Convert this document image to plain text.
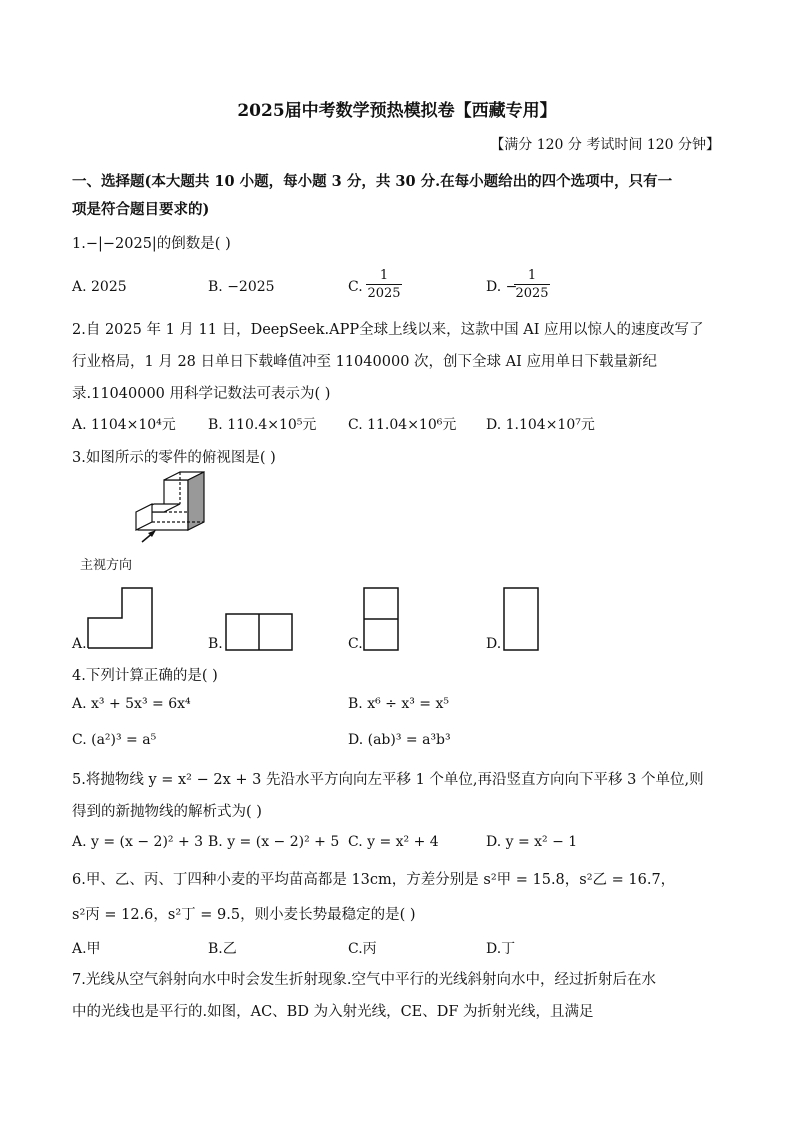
2025届中考数学预热模拟卷【西藏专用】
【满分 120 分 考试时间 120 分钟】
一、选择题(本大题共 10 小题，每小题 3 分，共 30 分.在每小题给出的四个选项中，只有一
项是符合题目要求的)
1.−|−2025|的倒数是( )
A. 2025	B. −2025	C.
1
2025	D. −
1
2025
2.自 2025 年 1 月 11 日，DeepSeek.APP全球上线以来，这款中国 AI 应用以惊人的速度改写了
行业格局，1 月 28 日单日下载峰值冲至 11040000 次，创下全球 AI 应用单日下载量新纪
录.11040000 用科学记数法可表示为( )
A. 1104×10⁴元 B. 110.4×10⁵元 C. 11.04×10⁶元 D. 1.104×10⁷元
3.如图所示的零件的俯视图是( )
主视方向
A.	B.	C.	D.
4.下列计算正确的是( )
A. x³ + 5x³ = 6x⁴	B. x⁶ ÷ x³ = x⁵
C. (a²)³ = a⁵	D. (ab)³ = a³b³
5.将抛物线 y = x² − 2x + 3 先沿水平方向向左平移 1 个单位,再沿竖直方向向下平移 3 个单位,则
得到的新抛物线的解析式为( )
A. y = (x − 2)² + 3 B. y = (x − 2)² + 5 C. y = x² + 4	D. y = x² − 1
6.甲、乙、丙、丁四种小麦的平均苗高都是 13cm，方差分别是 s²甲 = 15.8，s²乙 = 16.7，
s²丙 = 12.6，s²丁 = 9.5，则小麦长势最稳定的是( )
A.甲	B.乙	C.丙	D.丁
7.光线从空气斜射向水中时会发生折射现象.空气中平行的光线斜射向水中，经过折射后在水
中的光线也是平行的.如图，AC、BD 为入射光线，CE、DF 为折射光线，且满足
